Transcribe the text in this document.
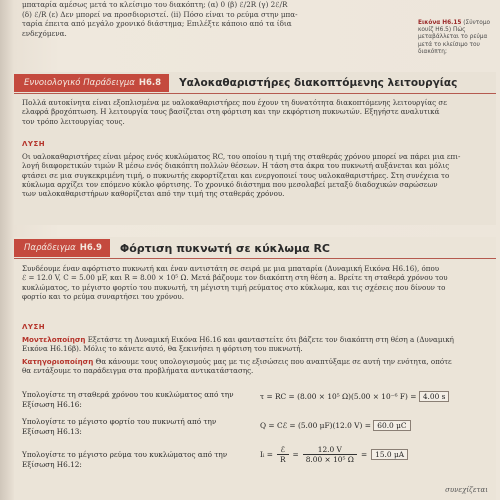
μπαταρία αμέσως μετά το κλείσιμο του διακόπτη; (α) 0 (β) ℰ/2R (γ) 2ℰ/R
(δ) ℰ/R (ε) Δεν μπορεί να προσδιοριστεί. (ii) Πόσο είναι το ρεύμα στην μπα-
ταρία έπειτα από μεγάλο χρονικό διάστημα; Επιλέξτε κάποιο από τα ίδια
ενδεχόμενα.
Εικόνα Η6.15 (Σύντομο κουίζ Η6.5) Πώς μεταβάλλεται το ρεύμα μετά το κλείσιμο του διακόπτη;
Εννοιολογικό Παράδειγμα Η6.8 Υαλοκαθαριστήρες διακοπτόμενης λειτουργίας
Πολλά αυτοκίνητα είναι εξοπλισμένα με υαλοκαθαριστήρες που έχουν τη δυνατότητα διακοπτόμενης λειτουργίας σε
ελαφρά βροχόπτωση. Η λειτουργία τους βασίζεται στη φόρτιση και την εκφόρτιση πυκνωτών. Εξηγήστε αναλυτικά
τον τρόπο λειτουργίας τους.
ΛΥΣΗ
Οι υαλοκαθαριστήρες είναι μέρος ενός κυκλώματος RC, του οποίου η τιμή της σταθεράς χρόνου μπορεί να πάρει μια επι-
λογή διαφορετικών τιμών R μέσω ενός διακόπτη πολλών θέσεων. Η τάση στα άκρα του πυκνωτή αυξάνεται και μόλις
φτάσει σε μια συγκεκριμένη τιμή, ο πυκνωτής εκφορτίζεται και ενεργοποιεί τους υαλοκαθαριστήρες. Στη συνέχεια το
κύκλωμα αρχίζει τον επόμενο κύκλο φόρτισης. Το χρονικό διάστημα που μεσολαβεί μεταξύ διαδοχικών σαρώσεων
των υαλοκαθαριστήρων καθορίζεται από την τιμή της σταθεράς χρόνου.
Παράδειγμα Η6.9 Φόρτιση πυκνωτή σε κύκλωμα RC
Συνδέουμε έναν αφόρτιστο πυκνωτή και έναν αντιστάτη σε σειρά με μια μπαταρία (Δυναμική Εικόνα Η6.16), όπου
ℰ = 12.0 V, C = 5.00 μF, και R = 8.00 × 10⁵ Ω. Μετά βάζουμε τον διακόπτη στη θέση a. Βρείτε τη σταθερά χρόνου του
κυκλώματος, το μέγιστο φορτίο του πυκνωτή, τη μέγιστη τιμή ρεύματος στο κύκλωμα, και τις σχέσεις που δίνουν το
φορτίο και το ρεύμα συναρτήσει του χρόνου.
ΛΥΣΗ
Μοντελοποίηση Εξετάστε τη Δυναμική Εικόνα Η6.16 και φανταστείτε ότι βάζετε τον διακόπτη στη θέση a (Δυναμική
Εικόνα Η6.16β). Μόλις το κάνετε αυτό, θα ξεκινήσει η φόρτιση του πυκνωτή.
Κατηγοριοποίηση Θα κάνουμε τους υπολογισμούς μας με τις εξισώσεις που αναπτύξαμε σε αυτή την ενότητα, οπότε
θα εντάξουμε το παράδειγμα στα προβλήματα αντικατάστασης.
Υπολογίστε τη σταθερά χρόνου του κυκλώματος από την
Εξίσωση Η6.16:
τ = RC = (8.00 × 10⁵ Ω)(5.00 × 10⁻⁶ F) = 4.00 s
Υπολογίστε το μέγιστο φορτίο του πυκνωτή από την
Εξίσωση Η6.13:
Q = Cℰ = (5.00 μF)(12.0 V) = 60.0 μC
Υπολογίστε το μέγιστο ρεύμα του κυκλώματος από την
Εξίσωση Η6.12:
Iᵢ = $\frac{\text{ℰ}}{R} = \frac{12.0 V}{\text{8.00 × 10⁵ Ω}}$ =	15.0 μA
συνεχίζεται
